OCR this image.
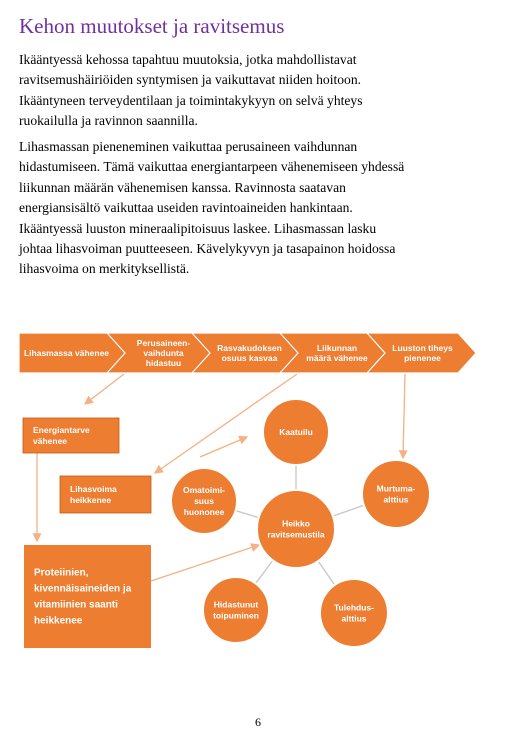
Kehon muutokset ja ravitsemus

Ikääntyessä kehossa tapahtuu muutoksia, jotka mahdollistavat
ravitsemushäiriöiden syntymisen ja vaikuttavat niiden hoitoon.
Ikääntyneen terveydentilaan ja toimintakykyyn on selvä yhteys
ruokailulla ja ravinnon saannilla.

Lihasmassan pieneneminen vaikuttaa perusaineen vaihdunnan
hidastumiseen. Tämä vaikuttaa energiantarpeen vähenemiseen yhdessä
liikunnan määrän vähenemisen kanssa. Ravinnosta saatavan
energiansisältö vaikuttaa useiden ravintoaineiden hankintaan.
Ikääntyessä luuston mineraalipitoisuus laskee. Lihasmassan lasku
johtaa lihasvoiman puutteeseen. Kävelykyvyn ja tasapainon hoidossa
lihasvoima on merkityksellistä.

Lihasmassa vähenee
Perusaineen-vaihdunta hidastuu
Rasvakudoksen osuus kasvaa
Liikunnan määrä vähenee
Luuston tiheys pienenee
Energiantarve vähenee
Lihasvoima heikkenee
Proteiinien, kivennäisaineiden ja vitamiinien saanti heikkenee
Heikko ravitsemustila
Kaatuilu
Murtuma-alttius
Tulehdus-alttius
Hidastunut toipuminen
Omatoimi-suus huononee
6
